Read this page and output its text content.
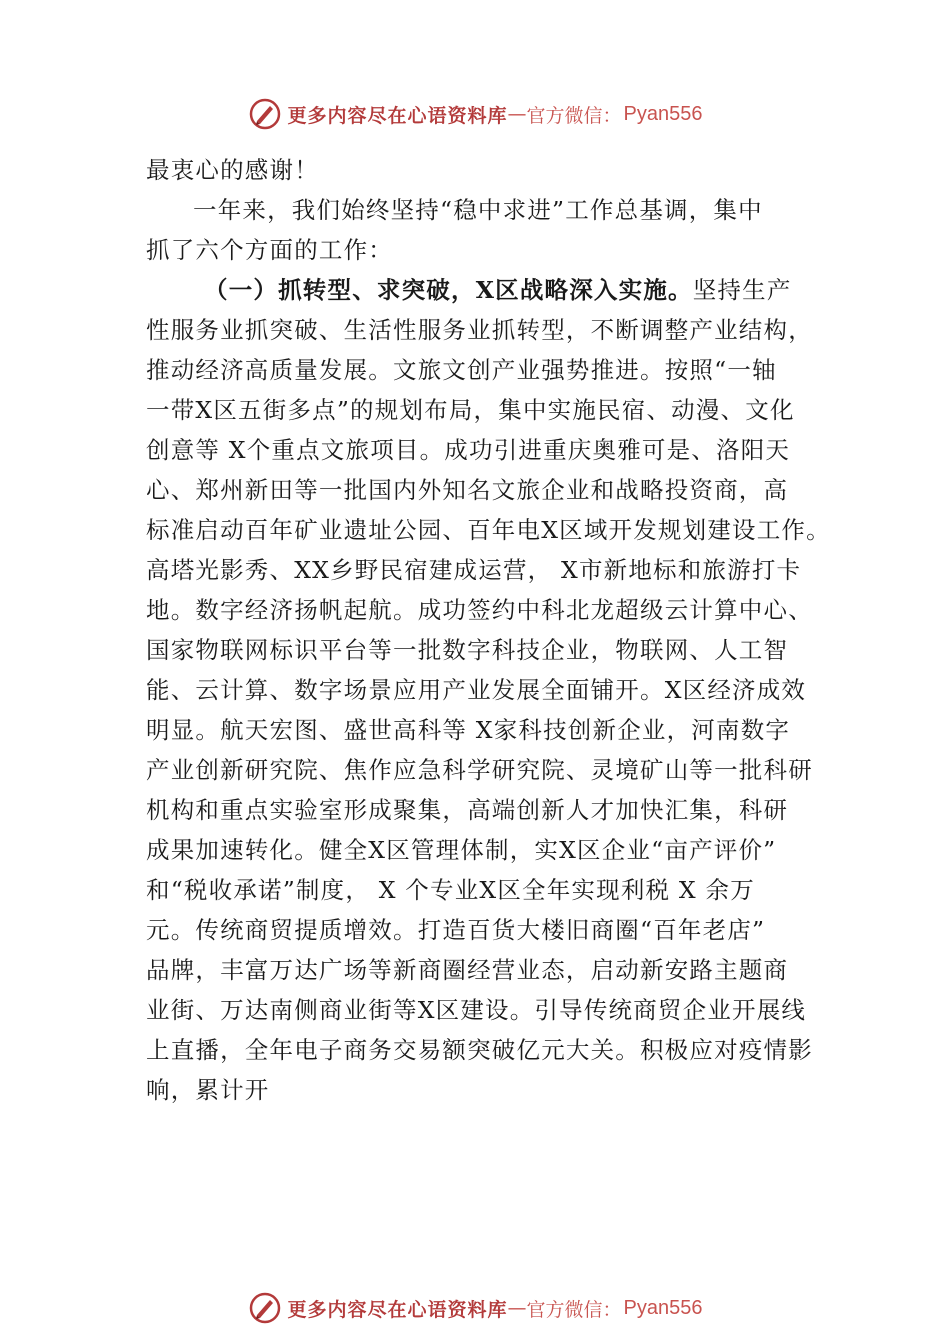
更多内容尽在心语资料库 — 官方微信： Pyan556
最衷心的感谢！
一年来，我们始终坚持“稳中求进”工作总基调，集中
抓了六个方面的工作：
（一）抓转型、求突破，X区战略深入实施。坚持生产
性服务业抓突破、生活性服务业抓转型，不断调整产业结构，
推动经济高质量发展。文旅文创产业强势推进。按照“一轴
一带X区五街多点”的规划布局，集中实施民宿、动漫、文化
创意等 X个重点文旅项目。成功引进重庆奥雅可是、洛阳天
心、郑州新田等一批国内外知名文旅企业和战略投资商，高
标准启动百年矿业遗址公园、百年电X区域开发规划建设工作。
高塔光影秀、XX乡野民宿建成运营， X市新地标和旅游打卡
地。数字经济扬帆起航。成功签约中科北龙超级云计算中心、
国家物联网标识平台等一批数字科技企业，物联网、人工智
能、云计算、数字场景应用产业发展全面铺开。X区经济成效
明显。航天宏图、盛世高科等 X家科技创新企业，河南数字
产业创新研究院、焦作应急科学研究院、灵境矿山等一批科研
机构和重点实验室形成聚集，高端创新人才加快汇集，科研
成果加速转化。健全X区管理体制，实X区企业“亩产评价”
和“税收承诺”制度， X 个专业X区全年实现利税 X 余万
元。传统商贸提质增效。打造百货大楼旧商圈“百年老店”
品牌，丰富万达广场等新商圈经营业态，启动新安路主题商
业街、万达南侧商业街等X区建设。引导传统商贸企业开展线
上直播，全年电子商务交易额突破亿元大关。积极应对疫情影
响，累计开
更多内容尽在心语资料库 — 官方微信： Pyan556
